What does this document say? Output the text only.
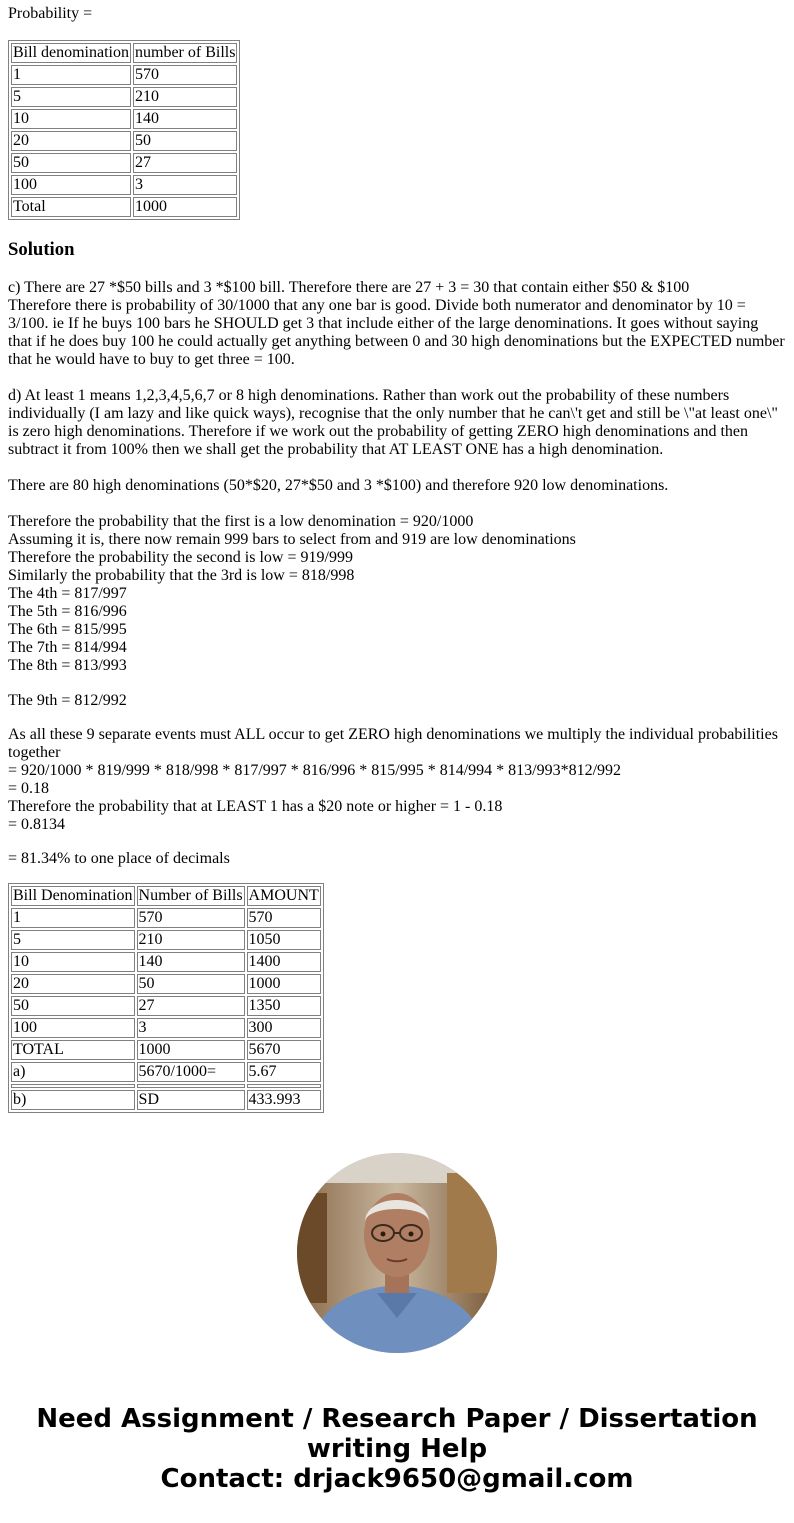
Probability =
Bill denomination	number of Bills
1	570
5	210
10	140
20	50
50	27
100	3
Total	1000
Solution
c) There are 27 *$50 bills and 3 *$100 bill. Therefore there are 27 + 3 = 30 that contain either $50 & $100
Therefore there is probability of 30/1000 that any one bar is good. Divide both numerator and denominator by 10 = 3/100. ie If he buys 100 bars he SHOULD get 3 that include either of the large denominations. It goes without saying that if he does buy 100 he could actually get anything between 0 and 30 high denominations but the EXPECTED number that he would have to buy to get three = 100.
d) At least 1 means 1,2,3,4,5,6,7 or 8 high denominations. Rather than work out the probability of these numbers individually (I am lazy and like quick ways), recognise that the only number that he can\'t get and still be \"at least one\" is zero high denominations. Therefore if we work out the probability of getting ZERO high denominations and then subtract it from 100% then we shall get the probability that AT LEAST ONE has a high denomination.
There are 80 high denominations (50*$20, 27*$50 and 3 *$100) and therefore 920 low denominations.
Therefore the probability that the first is a low denomination = 920/1000
Assuming it is, there now remain 999 bars to select from and 919 are low denominations
Therefore the probability the second is low = 919/999
Similarly the probability that the 3rd is low = 818/998
The 4th = 817/997
The 5th = 816/996
The 6th = 815/995
The 7th = 814/994
The 8th = 813/993
The 9th = 812/992
As all these 9 separate events must ALL occur to get ZERO high denominations we multiply the individual probabilities together
= 920/1000 * 819/999 * 818/998 * 817/997 * 816/996 * 815/995 * 814/994 * 813/993*812/992
= 0.18
Therefore the probability that at LEAST 1 has a $20 note or higher = 1 - 0.18
= 0.8134
= 81.34% to one place of decimals
Bill Denomination	Number of Bills	AMOUNT
1	570	570
5	210	1050
10	140	1400
20	50	1000
50	27	1350
100	3	300
TOTAL	1000	5670
a)	5670/1000=	5.67

b)	SD	433.993
Need Assignment / Research Paper / Dissertation
writing Help
Contact: drjack9650@gmail.com
